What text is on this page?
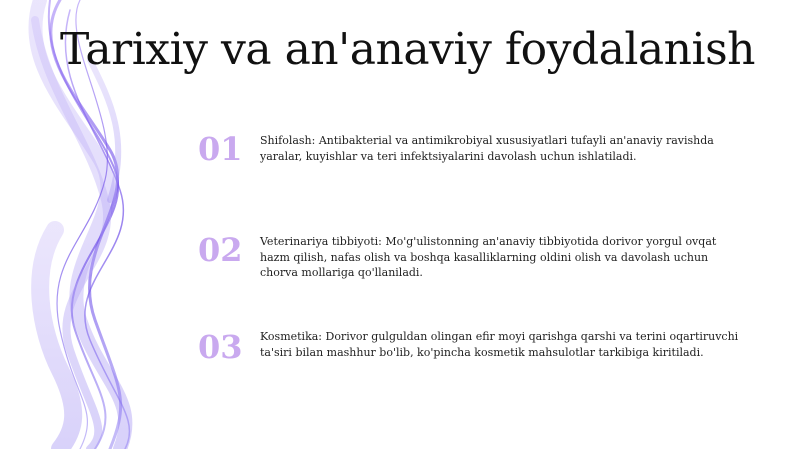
Tarixiy va an'anaviy foydalanish
01 Shifolash: Antibakterial va antimikrobiyal xususiyatlari tufayli an'anaviy ravishda yaralar, kuyishlar va teri infektsiyalarini davolash uchun ishlatiladi.
02 Veterinariya tibbiyoti: Mo'g'ulistonning an'anaviy tibbiyotida dorivor yorgul ovqat hazm qilish, nafas olish va boshqa kasalliklarning oldini olish va davolash uchun chorva mollariga qo'llaniladi.
03 Kosmetika: Dorivor gulguldan olingan efir moyi qarishga qarshi va terini oqartiruvchi ta'siri bilan mashhur bo'lib, ko'pincha kosmetik mahsulotlar tarkibiga kiritiladi.
